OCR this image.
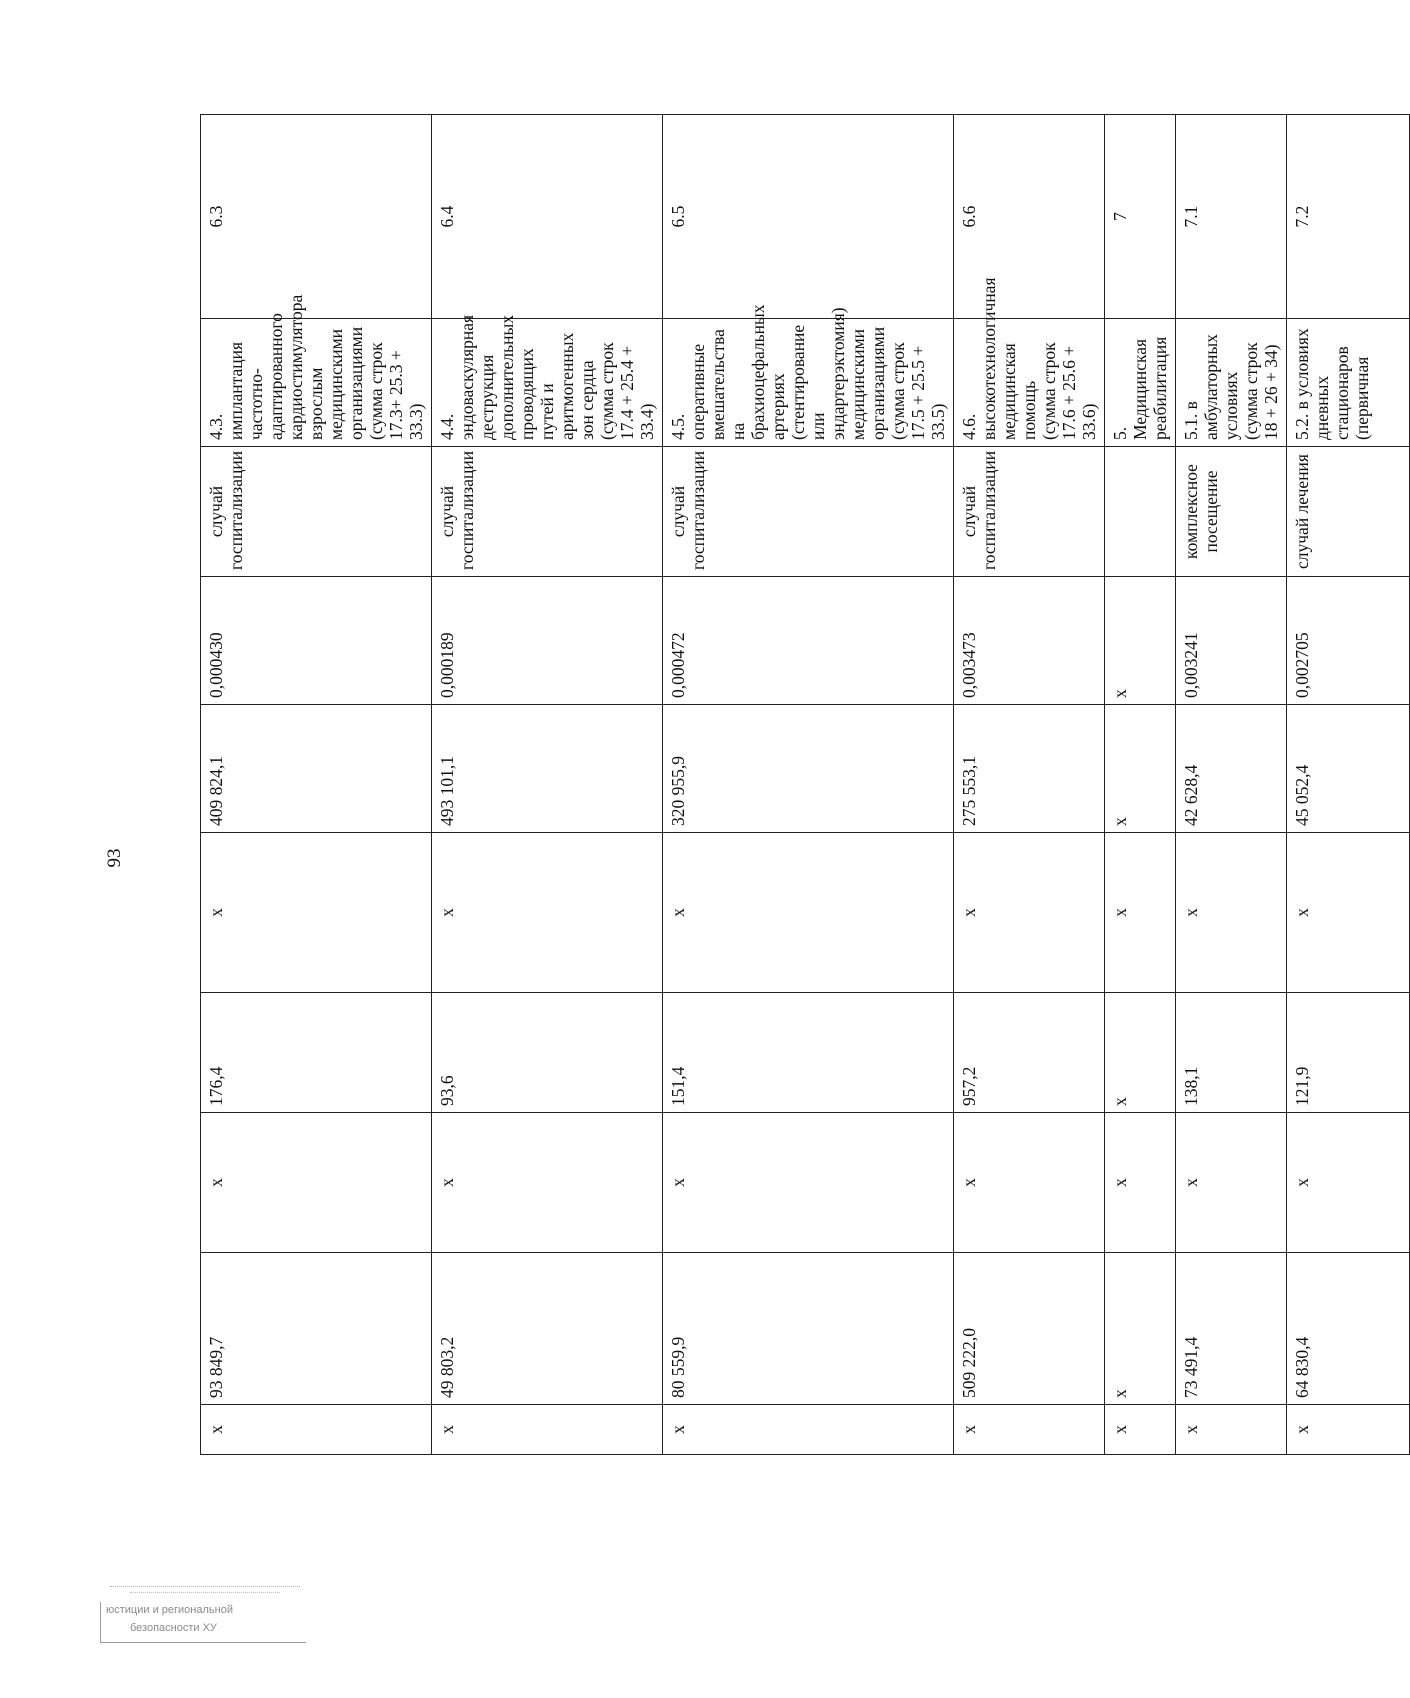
93
x	93 849,7	x	176,4	x	409 824,1	0,000430	случай госпитализации	4.3. имплантация частотно-адаптированного кардиостимулятора взрослым медицинскими организациями (сумма строк 17.3+ 25.3 + 33.3)	6.3
x	49 803,2	x	93,6	x	493 101,1	0,000189	случай госпитализации	4.4. эндоваскулярная деструкция дополнительных проводящих путей и аритмогенных зон сердца (сумма строк 17.4 + 25.4 + 33.4)	6.4
x	80 559,9	x	151,4	x	320 955,9	0,000472	случай госпитализации	4.5. оперативные вмешательства на брахиоцефальных артериях (стентирование или эндартерэктомия) медицинскими организациями (сумма строк 17.5 + 25.5 + 33.5)	6.5
x	509 222,0	x	957,2	x	275 553,1	0,003473	случай госпитализации	4.6. высокотехнологичная медицинская помощь (сумма строк 17.6 + 25.6 + 33.6)	6.6
x	x	x	x	x	x	x		5. Медицинская реабилитация	7
x	73 491,4	x	138,1	x	42 628,4	0,003241	комплексное посещение	5.1. в амбулаторных условиях (сумма строк 18 + 26 + 34)	7.1
x	64 830,4	x	121,9	x	45 052,4	0,002705	случай лечения	5.2. в условиях дневных стационаров (первичная	7.2
юстиции и региональной
безопасности ХУ
